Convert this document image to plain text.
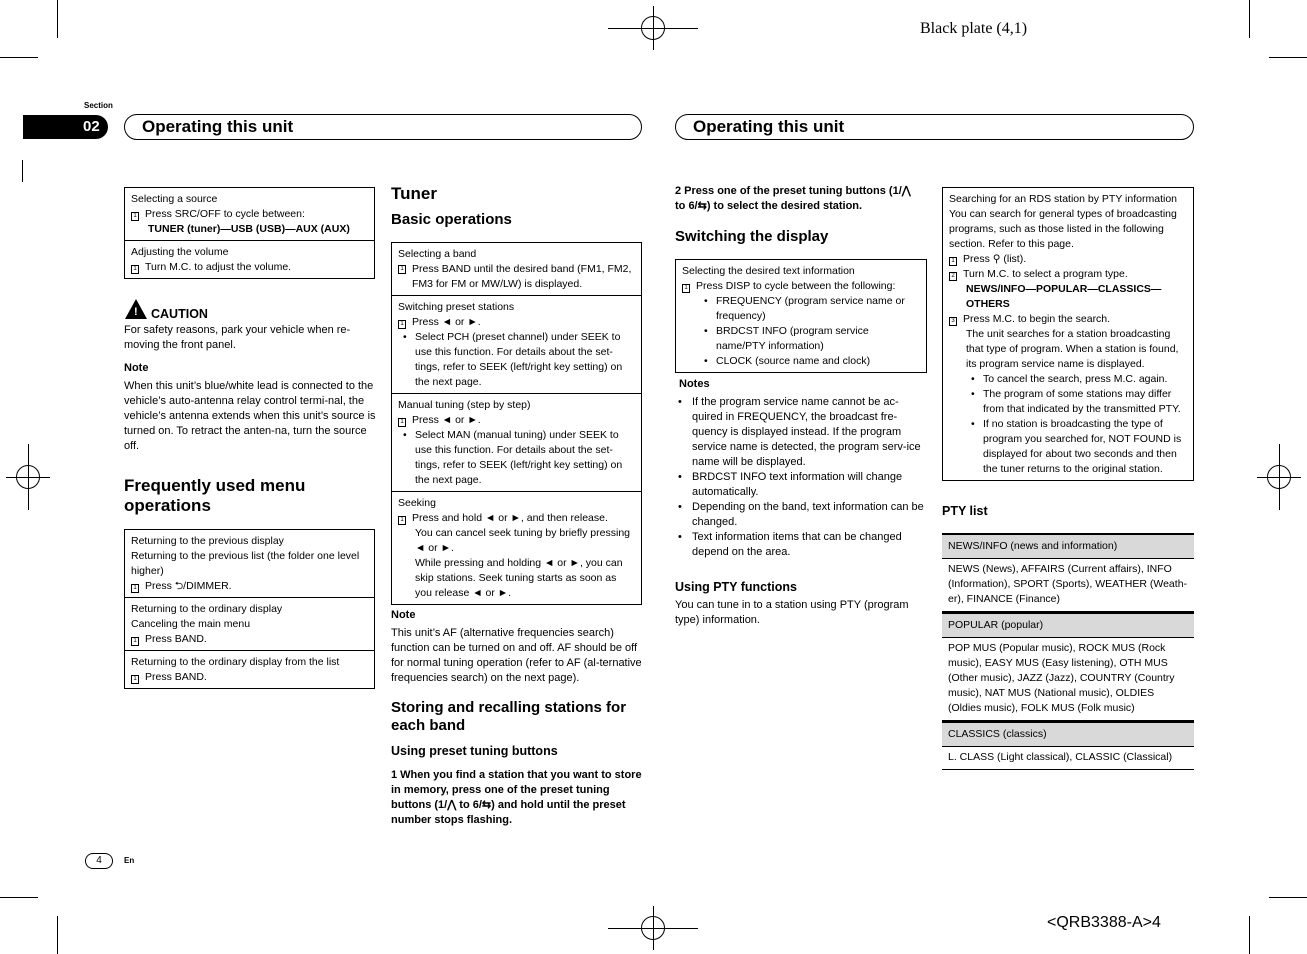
Black plate (4,1)
<QRB3388-A>4
Section
02	Operating this unit	Operating this unit
Selecting a source
1 Press SRC/OFF to cycle between:
TUNER (tuner)—USB (USB)—AUX (AUX)
Adjusting the volume
1 Turn M.C. to adjust the volume.
! CAUTION
For safety reasons, park your vehicle when re-moving the front panel.
Note
When this unit’s blue/white lead is connected to the vehicle’s auto-antenna relay control termi-nal, the vehicle’s antenna extends when this unit’s source is turned on. To retract the anten-na, turn the source off.
Frequently used menu operations
Returning to the previous display
Returning to the previous list (the folder one level higher)
1 Press ⮌/DIMMER.
Returning to the ordinary display
Canceling the main menu
1 Press BAND.
Returning to the ordinary display from the list
1 Press BAND.
Tuner
Basic operations
Selecting a band
1 Press BAND until the desired band (FM1, FM2, FM3 for FM or MW/LW) is displayed.
Switching preset stations
1 Press ◄ or ►.
• Select PCH (preset channel) under SEEK to use this function. For details about the set-tings, refer to SEEK (left/right key setting) on the next page.
Manual tuning (step by step)
1 Press ◄ or ►.
• Select MAN (manual tuning) under SEEK to use this function. For details about the set-tings, refer to SEEK (left/right key setting) on the next page.
Seeking
1 Press and hold ◄ or ►, and then release.
You can cancel seek tuning by briefly pressing ◄ or ►.
While pressing and holding ◄ or ►, you can skip stations. Seek tuning starts as soon as you release ◄ or ►.
Note
This unit’s AF (alternative frequencies search) function can be turned on and off. AF should be off for normal tuning operation (refer to AF (al-ternative frequencies search) on the next page).
Storing and recalling stations for each band
Using preset tuning buttons
1 When you find a station that you want to store in memory, press one of the preset tuning buttons (1/⋀ to 6/⇆) and hold until the preset number stops flashing.
2 Press one of the preset tuning buttons (1/⋀ to 6/⇆) to select the desired station.
Switching the display
Selecting the desired text information
1 Press DISP to cycle between the following:
• FREQUENCY (program service name or frequency)
• BRDCST INFO (program service name/PTY information)
• CLOCK (source name and clock)
Notes
• If the program service name cannot be ac-quired in FREQUENCY, the broadcast fre-quency is displayed instead. If the program service name is detected, the program serv-ice name will be displayed.
• BRDCST INFO text information will change automatically.
• Depending on the band, text information can be changed.
• Text information items that can be changed depend on the area.
Using PTY functions
You can tune in to a station using PTY (program type) information.
Searching for an RDS station by PTY information
You can search for general types of broadcasting programs, such as those listed in the following section. Refer to this page.
1 Press ⚲ (list).
2 Turn M.C. to select a program type.
NEWS/INFO—POPULAR—CLASSICS—OTHERS
3 Press M.C. to begin the search.
The unit searches for a station broadcasting that type of program. When a station is found, its program service name is displayed.
• To cancel the search, press M.C. again.
• The program of some stations may differ from that indicated by the transmitted PTY.
• If no station is broadcasting the type of program you searched for, NOT FOUND is displayed for about two seconds and then the tuner returns to the original station.
PTY list
NEWS/INFO (news and information)
NEWS (News), AFFAIRS (Current affairs), INFO (Information), SPORT (Sports), WEATHER (Weath-er), FINANCE (Finance)
POPULAR (popular)
POP MUS (Popular music), ROCK MUS (Rock music), EASY MUS (Easy listening), OTH MUS (Other music), JAZZ (Jazz), COUNTRY (Country music), NAT MUS (National music), OLDIES (Oldies music), FOLK MUS (Folk music)
CLASSICS (classics)
L. CLASS (Light classical), CLASSIC (Classical)
4	En
